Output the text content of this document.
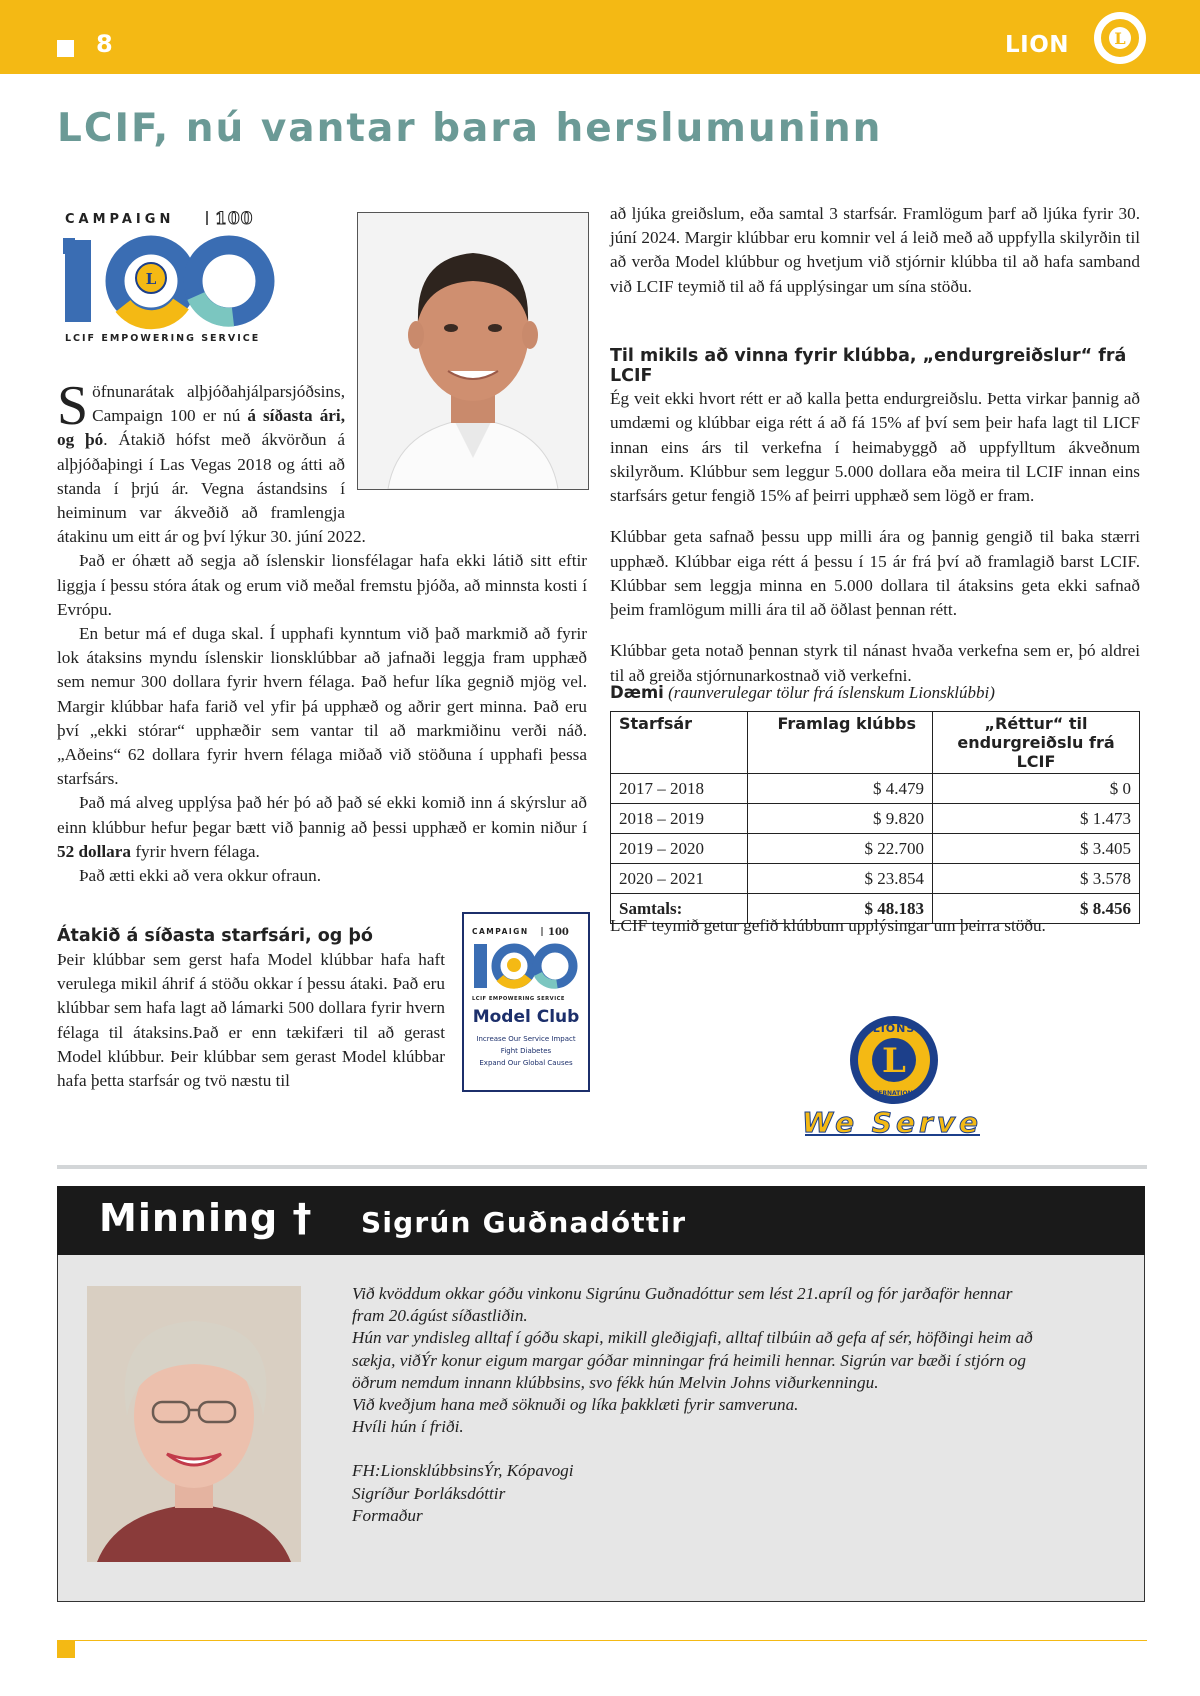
8	LION	L
LCIF, nú vantar bara herslumuninn
CAMPAIGN 100
L
LCIF EMPOWERING SERVICE

Söfnunarátak alþjóðahjálparsjóðsins, Campaign 100 er nú á síðasta ári, og þó. Átakið hófst með ákvörðun á alþjóðaþingi í Las Vegas 2018 og átti að standa í þrjú ár. Vegna ástandsins í heiminum var ákveðið að framlengja átakinu um eitt ár og því lýkur 30. júní 2022.

Það er óhætt að segja að íslenskir lionsfélagar hafa ekki látið sitt eftir liggja í þessu stóra átak og erum við meðal fremstu þjóða, að minnsta kosti í Evrópu.

En betur má ef duga skal. Í upphafi kynntum við það markmið að fyrir lok átaksins myndu íslenskir lionsklúbbar að jafnaði leggja fram upphæð sem nemur 300 dollara fyrir hvern félaga. Það hefur líka gegnið mjög vel. Margir klúbbar hafa farið vel yfir þá upphæð og aðrir gert minna. Það eru því „ekki stórar“ upphæðir sem vantar til að markmiðinu verði náð. „Aðeins“ 62 dollara fyrir hvern félaga miðað við stöðuna í upphafi þessa starfsárs.

Það má alveg upplýsa það hér þó að það sé ekki komið inn á skýrslur að einn klúbbur hefur þegar bætt við þannig að þessi upphæð er komin niður í 52 dollara fyrir hvern félaga.

Það ætti ekki að vera okkur ofraun.

Átakið á síðasta starfsári, og þó
Þeir klúbbar sem gerst hafa Model klúbbar hafa haft verulega mikil áhrif á stöðu okkar í þessu átaki. Það eru klúbbar sem hafa lagt að lámarki 500 dollara fyrir hvern félaga til átaksins.Það er enn tækifæri til að gerast Model klúbbur. Þeir klúbbar sem gerast Model klúbbar hafa þetta starfsár og tvö næstu til
CAMPAIGN 100
LCIF EMPOWERING SERVICE
Model Club
Increase Our Service Impact
Fight Diabetes
Expand Our Global Causes

að ljúka greiðslum, eða samtal 3 starfsár. Framlögum þarf að ljúka fyrir 30. júní 2024. Margir klúbbar eru komnir vel á leið með að uppfylla skilyrðin til að verða Model klúbbur og hvetjum við stjórnir klúbba til að hafa samband við LCIF teymið til að fá upplýsingar um sína stöðu.

Til mikils að vinna fyrir klúbba, „endurgreiðslur“ frá LCIF

Ég veit ekki hvort rétt er að kalla þetta endurgreiðslu. Þetta virkar þannig að umdæmi og klúbbar eiga rétt á að fá 15% af því sem þeir hafa lagt til LICF innan eins árs til verkefna í heimabyggð að uppfylltum ákveðnum skilyrðum. Klúbbur sem leggur 5.000 dollara eða meira til LCIF innan eins starfsárs getur fengið 15% af þeirri upphæð sem lögð er fram.

Klúbbar geta safnað þessu upp milli ára og þannig gengið til baka stærri upphæð. Klúbbar eiga rétt á þessu í 15 ár frá því að framlagið barst LCIF. Klúbbar sem leggja minna en 5.000 dollara til átaksins geta ekki safnað þeim framlögum milli ára til að öðlast þennan rétt.

Klúbbar geta notað þennan styrk til nánast hvaða verkefna sem er, þó aldrei til að greiða stjórnunarkostnað við verkefni.

Dæmi (raunverulegar tölur frá íslenskum Lionsklúbbi)
Starfsár	Framlag klúbbs	„Réttur“ til
endurgreiðslu frá LCIF
2017 – 2018	$ 4.479	$ 0
2018 – 2019	$ 9.820	$ 1.473
2019 – 2020	$ 22.700	$ 3.405
2020 – 2021	$ 23.854	$ 3.578
Samtals:	$ 48.183	$ 8.456
LCIF teymið getur gefið klúbbum upplýsingar um þeirra stöðu.
L
LIONS
INTERNATIONAL
We Serve
Minning † Sigrún Guðnadóttir
Við kvöddum okkar góðu vinkonu Sigrúnu Guðnadóttur sem lést 21.apríl og fór jarðaför hennar fram 20.ágúst síðastliðin.
Hún var yndisleg alltaf í góðu skapi, mikill gleðigjafi, alltaf tilbúin að gefa af sér, höfðingi heim að sækja, viðÝr konur eigum margar góðar minningar frá heimili hennar. Sigrún var bæði í stjórn og öðrum nemdum innann klúbbsins, svo fékk hún Melvin Johns viðurkenningu.
Við kveðjum hana með söknuði og líka þakklæti fyrir samveruna.
Hvíli hún í friði.
FH:LionsklúbbsinsÝr, Kópavogi
Sigríður Þorláksdóttir
Formaður
